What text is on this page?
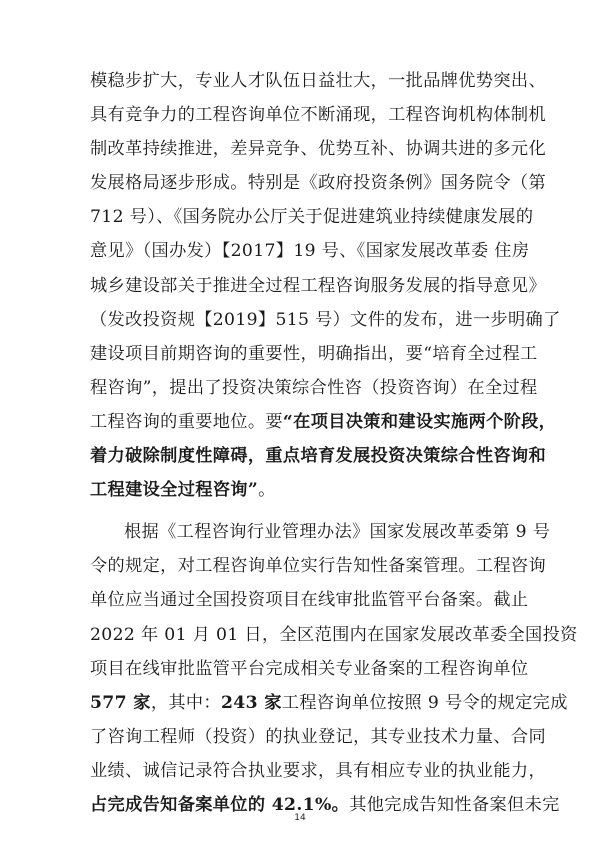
模稳步扩大，专业人才队伍日益壮大，一批品牌优势突出、
具有竞争力的工程咨询单位不断涌现，工程咨询机构体制机
制改革持续推进，差异竞争、优势互补、协调共进的多元化
发展格局逐步形成。特别是《政府投资条例》国务院令（第
712 号）、《国务院办公厅关于促进建筑业持续健康发展的
意见》（国办发）【2017】19 号、《国家发展改革委 住房
城乡建设部关于推进全过程工程咨询服务发展的指导意见》
（发改投资规【2019】515 号）文件的发布，进一步明确了
建设项目前期咨询的重要性，明确指出，要“培育全过程工
程咨询”，提出了投资决策综合性咨（投资咨询）在全过程
工程咨询的重要地位。要“在项目决策和建设实施两个阶段，
着力破除制度性障碍，重点培育发展投资决策综合性咨询和
工程建设全过程咨询”。
根据《工程咨询行业管理办法》国家发展改革委第 9 号
令的规定，对工程咨询单位实行告知性备案管理。工程咨询
单位应当通过全国投资项目在线审批监管平台备案。截止
2022 年 01 月 01 日，全区范围内在国家发展改革委全国投资
项目在线审批监管平台完成相关专业备案的工程咨询单位
577 家，其中：243 家工程咨询单位按照 9 号令的规定完成
了咨询工程师（投资）的执业登记，其专业技术力量、合同
业绩、诚信记录符合执业要求，具有相应专业的执业能力，
占完成告知备案单位的 42.1%。其他完成告知性备案但未完
14
